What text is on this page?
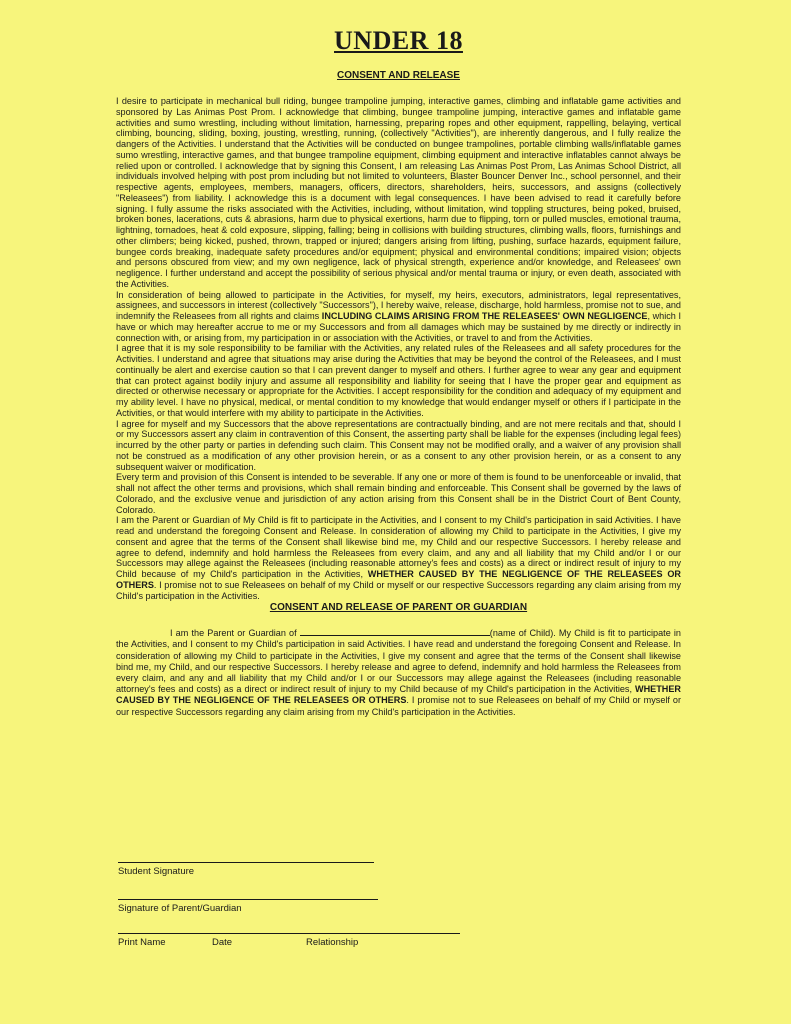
UNDER 18
CONSENT AND RELEASE

I desire to participate in mechanical bull riding, bungee trampoline jumping, interactive games, climbing and inflatable game activities and sponsored by Las Animas Post Prom. I acknowledge that climbing, bungee trampoline jumping, interactive games and inflatable game activities and sumo wrestling, including without limitation, harnessing, preparing ropes and other equipment, rappelling, belaying, vertical climbing, bouncing, sliding, boxing, jousting, wrestling, running, (collectively "Activities"), are inherently dangerous, and I fully realize the dangers of the Activities. I understand that the Activities will be conducted on bungee trampolines, portable climbing walls/inflatable games sumo wrestling, interactive games, and that bungee trampoline equipment, climbing equipment and interactive inflatables cannot always be relied upon or controlled. I acknowledge that by signing this Consent, I am releasing Las Animas Post Prom, Las Animas School District, all individuals involved helping with post prom including but not limited to volunteers, Blaster Bouncer Denver Inc., school personnel, and their respective agents, employees, members, managers, officers, directors, shareholders, heirs, successors, and assigns (collectively "Releasees") from liability. I acknowledge this is a document with legal consequences. I have been advised to read it carefully before signing. I fully assume the risks associated with the Activities, including, without limitation, wind toppling structures, being poked, bruised, broken bones, lacerations, cuts & abrasions, harm due to physical exertions, harm due to flipping, torn or pulled muscles, emotional trauma, lightning, tornadoes, heat & cold exposure, slipping, falling; being in collisions with building structures, climbing walls, floors, furnishings and other climbers; being kicked, pushed, thrown, trapped or injured; dangers arising from lifting, pushing, surface hazards, equipment failure, bungee cords breaking, inadequate safety procedures and/or equipment; physical and environmental conditions; impaired vision; objects and persons obscured from view; and my own negligence, lack of physical strength, experience and/or knowledge, and Releasees' own negligence. I further understand and accept the possibility of serious physical and/or mental trauma or injury, or even death, associated with the Activities.

In consideration of being allowed to participate in the Activities, for myself, my heirs, executors, administrators, legal representatives, assignees, and successors in interest (collectively "Successors"), I hereby waive, release, discharge, hold harmless, promise not to sue, and indemnify the Releasees from all rights and claims INCLUDING CLAIMS ARISING FROM THE RELEASEES' OWN NEGLIGENCE, which I have or which may hereafter accrue to me or my Successors and from all damages which may be sustained by me directly or indirectly in connection with, or arising from, my participation in or association with the Activities, or travel to and from the Activities.

I agree that it is my sole responsibility to be familiar with the Activities, any related rules of the Releasees and all safety procedures for the Activities. I understand and agree that situations may arise during the Activities that may be beyond the control of the Releasees, and I must continually be alert and exercise caution so that I can prevent danger to myself and others. I further agree to wear any gear and equipment that can protect against bodily injury and assume all responsibility and liability for seeing that I have the proper gear and equipment as directed or otherwise necessary or appropriate for the Activities. I accept responsibility for the condition and adequacy of my equipment and my ability level. I have no physical, medical, or mental condition to my knowledge that would endanger myself or others if I participate in the Activities, or that would interfere with my ability to participate in the Activities.

I agree for myself and my Successors that the above representations are contractually binding, and are not mere recitals and that, should I or my Successors assert any claim in contravention of this Consent, the asserting party shall be liable for the expenses (including legal fees) incurred by the other party or parties in defending such claim. This Consent may not be modified orally, and a waiver of any provision shall not be construed as a modification of any other provision herein, or as a consent to any other provision herein, or as a consent to any subsequent waiver or modification.

Every term and provision of this Consent is intended to be severable. If any one or more of them is found to be unenforceable or invalid, that shall not affect the other terms and provisions, which shall remain binding and enforceable. This Consent shall be governed by the laws of Colorado, and the exclusive venue and jurisdiction of any action arising from this Consent shall be in the District Court of Bent County, Colorado.

I am the Parent or Guardian of My Child is fit to participate in the Activities, and I consent to my Child's participation in said Activities. I have read and understand the foregoing Consent and Release. In consideration of allowing my Child to participate in the Activities, I give my consent and agree that the terms of the Consent shall likewise bind me, my Child and our respective Successors. I hereby release and agree to defend, indemnify and hold harmless the Releasees from every claim, and any and all liability that my Child and/or I or our Successors may allege against the Releasees (including reasonable attorney's fees and costs) as a direct or indirect result of injury to my Child because of my Child's participation in the Activities, WHETHER CAUSED BY THE NEGLIGENCE OF THE RELEASEES OR OTHERS. I promise not to sue Releasees on behalf of my Child or myself or our respective Successors regarding any claim arising from my Child's participation in the Activities.

CONSENT AND RELEASE OF PARENT OR GUARDIAN

I am the Parent or Guardian of	(name of Child). My Child is fit to participate in the Activities, and I consent to my Child's participation in said Activities. I have read and understand the foregoing Consent and Release. In consideration of allowing my Child to participate in the Activities, I give my consent and agree that the terms of the Consent shall likewise bind me, my Child, and our respective Successors. I hereby release and agree to defend, indemnify and hold harmless the Releasees from every claim, and any and all liability that my Child and/or I or our Successors may allege against the Releasees (including reasonable attorney's fees and costs) as a direct or indirect result of injury to my Child because of my Child's participation in the Activities, WHETHER CAUSED BY THE NEGLIGENCE OF THE RELEASEES OR OTHERS. I promise not to sue Releasees on behalf of my Child or myself or our respective Successors regarding any claim arising from my Child's participation in the Activities.

Student Signature
Signature of Parent/Guardian
Print Name	Date	Relationship
